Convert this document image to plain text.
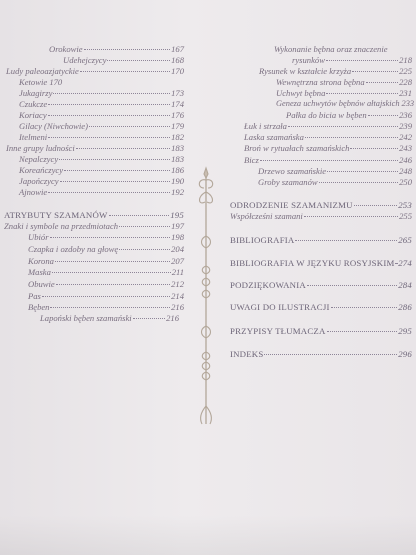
Orokowie	167
Udehejczycy	168
Ludy paleoazjatyckie	170
Ketowie 170
Jukagirzy	173
Czukcze	174
Koriacy	176
Gilacy (Niwchowie)	179
Itelmeni	182
Inne grupy ludności	183
Nepalczycy	183
Koreańczycy	186
Japończycy	190
Ajnowie	192
ATRYBUTY SZAMANÓW	195
Znaki i symbole na przedmiotach	197
Ubiór	198
Czapka i ozdoby na głowę	204
Korona	207
Maska	211
Obuwie	212
Pas	214
Bęben	216
Lapoński bęben szamański	216
Wykonanie bębna oraz znaczenie
rysunków	218
Rysunek w kształcie krzyża	225
Wewnętrzna strona bębna	228
Uchwyt bębna	231
Geneza uchwytów bębnów ałtajskich 233
Pałka do bicia w bęben	236
Łuk i strzała	239
Laska szamańska	242
Broń w rytuałach szamańskich	243
Bicz	246
Drzewo szamańskie	248
Groby szamanów	250
ODRODZENIE SZAMANIZMU	253
Współcześni szamani	255
BIBLIOGRAFIA	265
BIBLIOGRAFIA W JĘZYKU ROSYJSKIM 274
PODZIĘKOWANIA	284
UWAGI DO ILUSTRACJI	286
PRZYPISY TŁUMACZA	295
INDEKS	296
